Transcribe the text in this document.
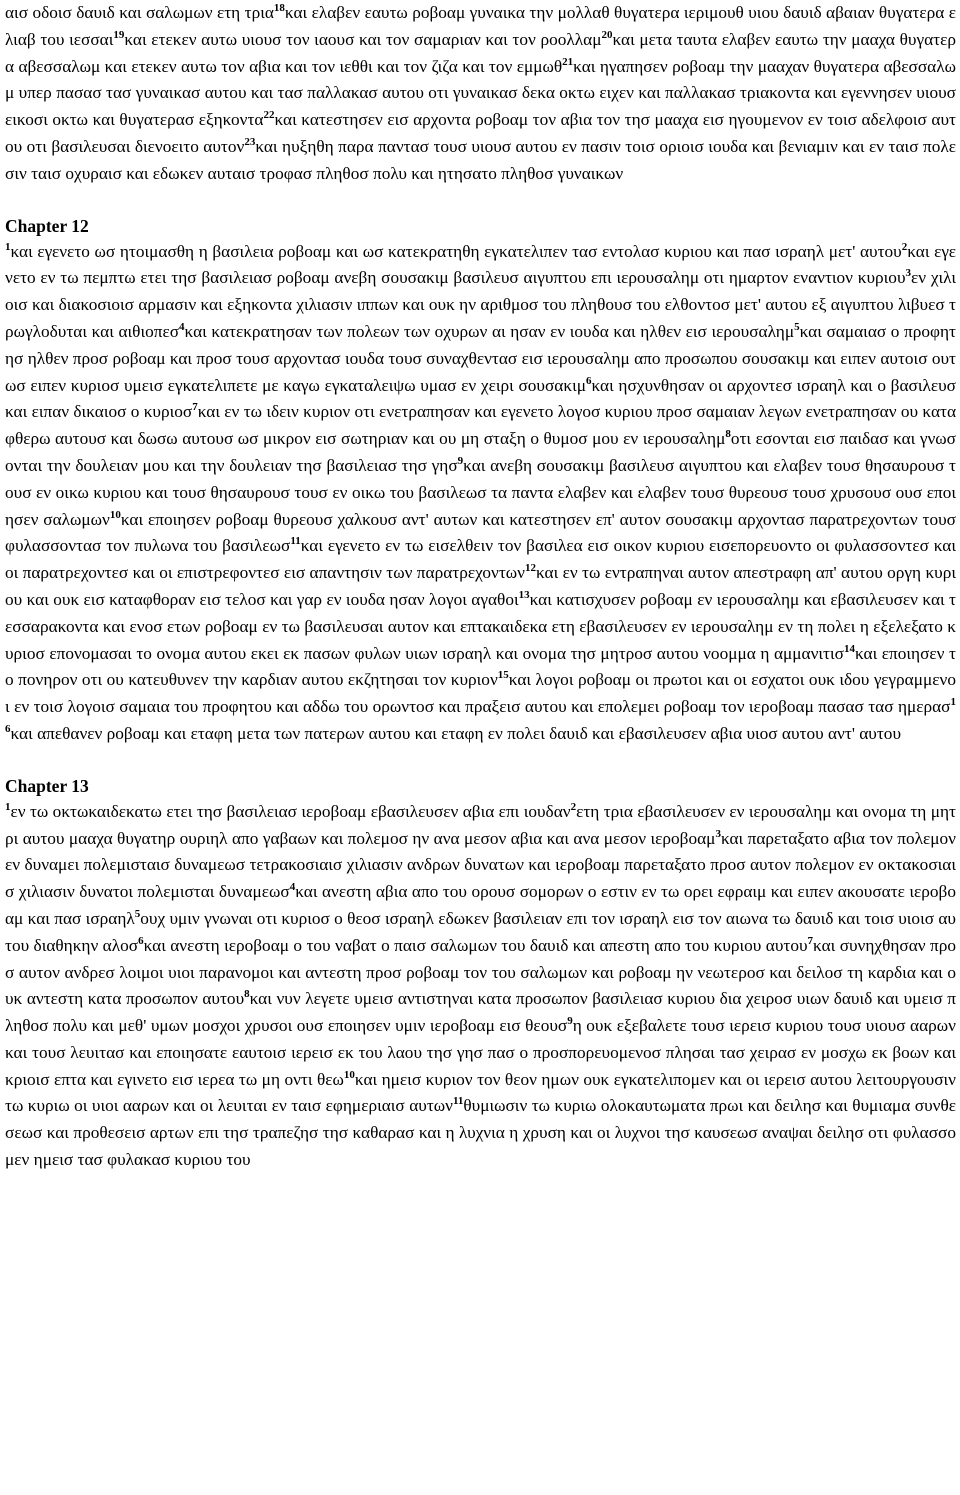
αισ οδοισ δαυιδ και σαλωμων ετη τρια$^{18}$και ελαβεν εαυτω ροβοαμ γυναικα την μολλαθ θυγατερα ιεριμουθ υιου δαυιδ αβαιαν θυγατερα ελιαβ του ιεσσαι$^{19}$και ετεκεν αυτω υιουσ τον ιαουσ και τον σαμαριαν και τον ροολλαμ$^{20}$και μετα ταυτα ελαβεν εαυτω την μααχα θυγατερα αβεσσαλωμ και ετεκεν αυτω τον αβια και τον ιεθθι και τον ζιζα και τον εμμωθ$^{21}$και ηγαπησεν ροβοαμ την μααχαν θυγατερα αβεσσαλωμ υπερ πασασ τασ γυναικασ αυτου και τασ παλλακασ αυτου οτι γυναικασ δεκα οκτω ειχεν και παλλακασ τριακοντα και εγεννησεν υιουσ εικοσι οκτω και θυγατερασ εξηκοντα$^{22}$και κατεστησεν εισ αρχοντα ροβοαμ τον αβια τον τησ μααχα εισ ηγουμενον εν τοισ αδελφοισ αυτου οτι βασιλευσαι διενοειτο αυτον$^{23}$και ηυξηθη παρα παντασ τουσ υιουσ αυτου εν πασιν τοισ οριοισ ιουδα και βενιαμιν και εν ταισ πολεσιν ταισ οχυραισ και εδωκεν αυταισ τροφασ πληθοσ πολυ και ητησατο πληθοσ γυναικων

Chapter 12

$^1$και εγενετο ωσ ητοιμασθη η βασιλεια ροβοαμ και ωσ κατεκρατηθη εγκατελιπεν τασ εντολασ κυριου και πασ ισραηλ μετ' αυτου$^2$και εγενετο εν τω πεμπτω ετει τησ βασιλειασ ροβοαμ ανεβη σουσακιμ βασιλευσ αιγυπτου επι ιερουσαλημ οτι ημαρτον εναντιον κυριου$^3$εν χιλιοισ και διακοσιοισ αρμασιν και εξηκοντα χιλιασιν ιππων και ουκ ην αριθμοσ του πληθουσ του ελθοντοσ μετ' αυτου εξ αιγυπτου λιβυεσ τρωγλοδυται και αιθιοπεσ$^4$και κατεκρατησαν των πολεων των οχυρων αι ησαν εν ιουδα και ηλθεν εισ ιερουσαλημ$^5$και σαμαιασ ο προφητησ ηλθεν προσ ροβοαμ και προσ τουσ αρχοντασ ιουδα τουσ συναχθεντασ εισ ιερουσαλημ απο προσωπου σουσακιμ και ειπεν αυτοισ ουτωσ ειπεν κυριοσ υμεισ εγκατελιπετε με καγω εγκαταλειψω υμασ εν χειρι σουσακιμ$^6$και ησχυνθησαν οι αρχοντεσ ισραηλ και ο βασιλευσ και ειπαν δικαιοσ ο κυριοσ$^7$και εν τω ιδειν κυριον οτι ενετραπησαν και εγενετο λογοσ κυριου προσ σαμαιαν λεγων ενετραπησαν ου καταφθερω αυτουσ και δωσω αυτουσ ωσ μικρον εισ σωτηριαν και ου μη σταξη ο θυμοσ μου εν ιερουσαλημ$^8$οτι εσονται εισ παιδασ και γνωσονται την δουλειαν μου και την δουλειαν τησ βασιλειασ τησ γησ$^9$και ανεβη σουσακιμ βασιλευσ αιγυπτου και ελαβεν τουσ θησαυρουσ τουσ εν οικω κυριου και τουσ θησαυρουσ τουσ εν οικω του βασιλεωσ τα παντα ελαβεν και ελαβεν τουσ θυρεουσ τουσ χρυσουσ ουσ εποιησεν σαλωμων$^{10}$και εποιησεν ροβοαμ θυρεουσ χαλκουσ αντ' αυτων και κατεστησεν επ' αυτον σουσακιμ αρχοντασ παρατρεχοντων τουσ φυλασσοντασ τον πυλωνα του βασιλεωσ$^{11}$και εγενετο εν τω εισελθειν τον βασιλεα εισ οικον κυριου εισεπορευοντο οι φυλασσοντεσ και οι παρατρεχοντεσ και οι επιστρεφοντεσ εισ απαντησιν των παρατρεχοντων$^{12}$και εν τω εντραπηναι αυτον απεστραφη απ' αυτου οργη κυριου και ουκ εισ καταφθοραν εισ τελοσ και γαρ εν ιουδα ησαν λογοι αγαθοι$^{13}$και κατισχυσεν ροβοαμ εν ιερουσαλημ και εβασιλευσεν και τεσσαρακοντα και ενοσ ετων ροβοαμ εν τω βασιλευσαι αυτον και επτακαιδεκα ετη εβασιλευσεν εν ιερουσαλημ εν τη πολει η εξελεξατο κυριοσ επονομασαι το ονομα αυτου εκει εκ πασων φυλων υιων ισραηλ και ονομα τησ μητροσ αυτου νοομμα η αμμανιτισ$^{14}$και εποιησεν το πονηρον οτι ου κατευθυνεν την καρδιαν αυτου εκζητησαι τον κυριον$^{15}$και λογοι ροβοαμ οι πρωτοι και οι εσχατοι ουκ ιδου γεγραμμενοι εν τοισ λογοισ σαμαια του προφητου και αδδω του ορωντοσ και πραξεισ αυτου και επολεμει ροβοαμ τον ιεροβοαμ πασασ τασ ημερασ$^{16}$και απεθανεν ροβοαμ και εταφη μετα των πατερων αυτου και εταφη εν πολει δαυιδ και εβασιλευσεν αβια υιοσ αυτου αντ' αυτου

Chapter 13

$^1$εν τω οκτωκαιδεκατω ετει τησ βασιλειασ ιεροβοαμ εβασιλευσεν αβια επι ιουδαν$^2$ετη τρια εβασιλευσεν εν ιερουσαλημ και ονομα τη μητρι αυτου μααχα θυγατηρ ουριηλ απο γαβαων και πολεμοσ ην ανα μεσον αβια και ανα μεσον ιεροβοαμ$^3$και παρεταξατο αβια τον πολεμον εν δυναμει πολεμισταισ δυναμεωσ τετρακοσιαισ χιλιασιν ανδρων δυνατων και ιεροβοαμ παρεταξατο προσ αυτον πολεμον εν οκτακοσιαισ χιλιασιν δυνατοι πολεμισται δυναμεωσ$^4$και ανεστη αβια απο του ορουσ σομορων ο εστιν εν τω ορει εφραιμ και ειπεν ακουσατε ιεροβοαμ και πασ ισραηλ$^5$ουχ υμιν γνωναι οτι κυριοσ ο θεοσ ισραηλ εδωκεν βασιλειαν επι τον ισραηλ εισ τον αιωνα τω δαυιδ και τοισ υιοισ αυτου διαθηκην αλοσ$^6$και ανεστη ιεροβοαμ ο του ναβατ ο παισ σαλωμων του δαυιδ και απεστη απο του κυριου αυτου$^7$και συνηχθησαν προσ αυτον ανδρεσ λοιμοι υιοι παρανομοι και αντεστη προσ ροβοαμ τον του σαλωμων και ροβοαμ ην νεωτεροσ και δειλοσ τη καρδια και ουκ αντεστη κατα προσωπον αυτου$^8$και νυν λεγετε υμεισ αντιστηναι κατα προσωπον βασιλειασ κυριου δια χειροσ υιων δαυιδ και υμεισ πληθοσ πολυ και μεθ' υμων μοσχοι χρυσοι ουσ εποιησεν υμιν ιεροβοαμ εισ θεουσ$^9$η ουκ εξεβαλετε τουσ ιερεισ κυριου τουσ υιουσ ααρων και τουσ λευιτασ και εποιησατε εαυτοισ ιερεισ εκ του λαου τησ γησ πασ ο προσπορευομενοσ πλησαι τασ χειρασ εν μοσχω εκ βοων και κριοισ επτα και εγινετο εισ ιερεα τω μη οντι θεω$^{10}$και ημεισ κυριον τον θεον ημων ουκ εγκατελιπομεν και οι ιερεισ αυτου λειτουργουσιν τω κυριω οι υιοι ααρων και οι λευιται εν ταισ εφημεριαισ αυτων$^{11}$θυμιωσιν τω κυριω ολοκαυτωματα πρωι και δειλησ και θυμιαμα συνθεσεωσ και προθεσεισ αρτων επι τησ τραπεζησ τησ καθαρασ και η λυχνια η χρυση και οι λυχνοι τησ καυσεωσ αναψαι δειλησ οτι φυλασσομεν ημεισ τασ φυλακασ κυριου του
